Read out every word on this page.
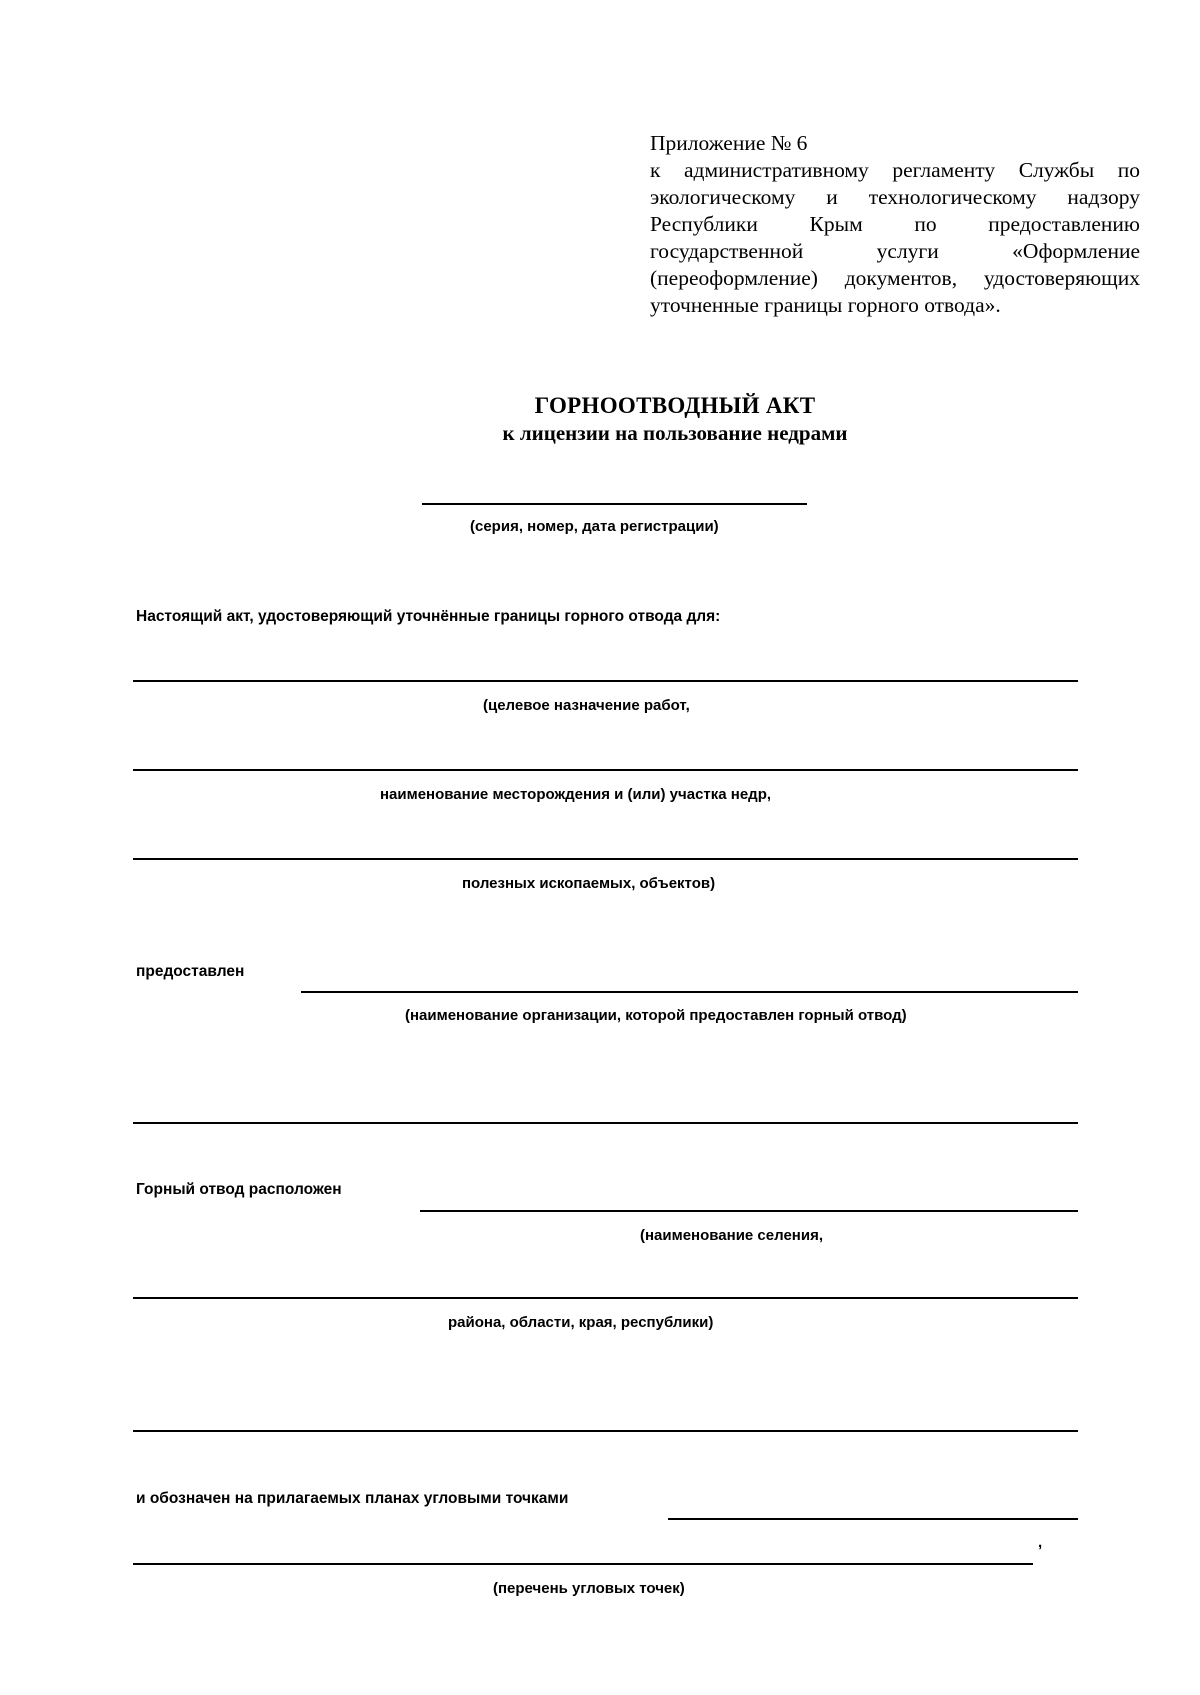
Приложение № 6
к административному регламенту Службы по экологическому и технологическому надзору Республики Крым по предоставлению государственной услуги «Оформление (переоформление) документов, удостоверяющих уточненные границы горного отвода».
ГОРНООТВОДНЫЙ АКТ
к лицензии на пользование недрами
(серия, номер, дата регистрации)
Настоящий акт, удостоверяющий уточнённые границы горного отвода для:
(целевое назначение работ,
наименование месторождения и (или) участка недр,
полезных ископаемых, объектов)
предоставлен
(наименование организации, которой предоставлен горный отвод)
Горный отвод расположен
(наименование селения,
района, области, края, республики)
и обозначен на прилагаемых планах угловыми точками
,
(перечень угловых точек)
